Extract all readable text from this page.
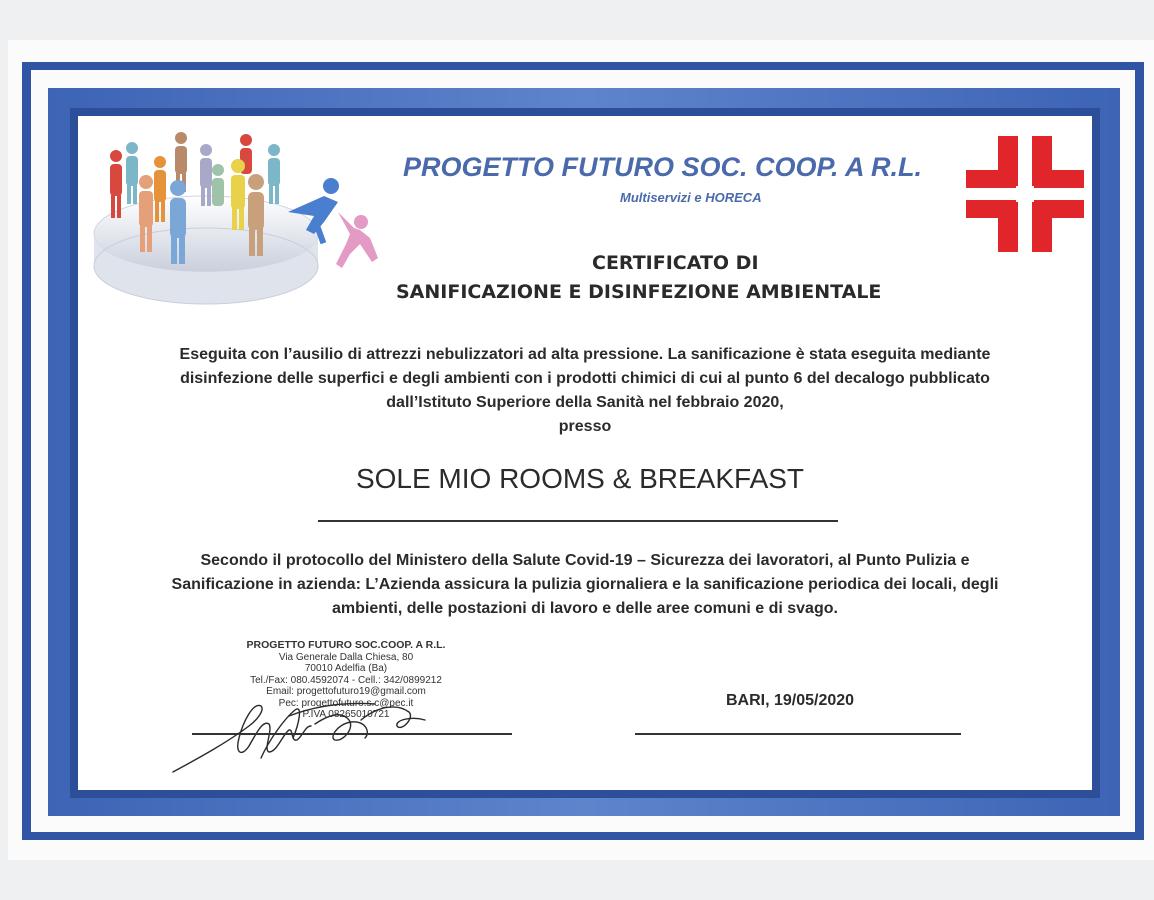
PROGETTO FUTURO SOC. COOP. A R.L.
Multiservizi e HORECA
CERTIFICATO DI
SANIFICAZIONE E DISINFEZIONE AMBIENTALE
Eseguita con l’ausilio di attrezzi nebulizzatori ad alta pressione. La sanificazione è stata eseguita mediante
disinfezione delle superfici e degli ambienti con i prodotti chimici di cui al punto 6 del decalogo pubblicato
dall’Istituto Superiore della Sanità nel febbraio 2020,
presso
SOLE MIO ROOMS & BREAKFAST
Secondo il protocollo del Ministero della Salute Covid-19 – Sicurezza dei lavoratori, al Punto Pulizia e
Sanificazione in azienda: L’Azienda assicura la pulizia giornaliera e la sanificazione periodica dei locali, degli
ambienti, delle postazioni di lavoro e delle aree comuni e di svago.
PROGETTO FUTURO SOC.COOP. A R.L.
Via Generale Dalla Chiesa, 80
70010 Adelfia (Ba)
Tel./Fax: 080.4592074 - Cell.: 342/0899212
Email: progettofuturo19@gmail.com
Pec: progettofuturo.s.c@pec.it
P.IVA 08265010721
BARI, 19/05/2020
